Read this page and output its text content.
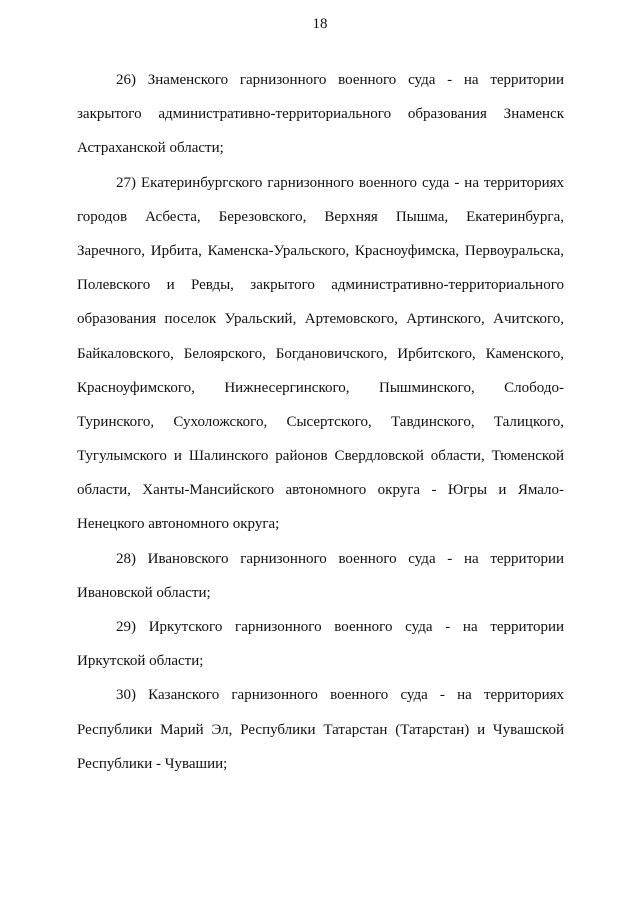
18
26) Знаменского гарнизонного военного суда - на территории
закрытого административно-территориального образования Знаменск
Астраханской области;
27) Екатеринбургского гарнизонного военного суда - на территориях
городов Асбеста, Березовского, Верхняя Пышма, Екатеринбурга,
Заречного, Ирбита, Каменска-Уральского, Красноуфимска, Первоуральска,
Полевского и Ревды, закрытого административно-территориального
образования поселок Уральский, Артемовского, Артинского, Ачитского,
Байкаловского, Белоярского, Богдановичского, Ирбитского, Каменского,
Красноуфимского, Нижнесергинского, Пышминского, Слободо-
Туринского, Сухоложского, Сысертского, Тавдинского, Талицкого,
Тугулымского и Шалинского районов Свердловской области, Тюменской
области, Ханты-Мансийского автономного округа - Югры и Ямало-
Ненецкого автономного округа;
28) Ивановского гарнизонного военного суда - на территории
Ивановской области;
29) Иркутского гарнизонного военного суда - на территории
Иркутской области;
30) Казанского гарнизонного военного суда - на территориях
Республики Марий Эл, Республики Татарстан (Татарстан) и Чувашской
Республики - Чувашии;
